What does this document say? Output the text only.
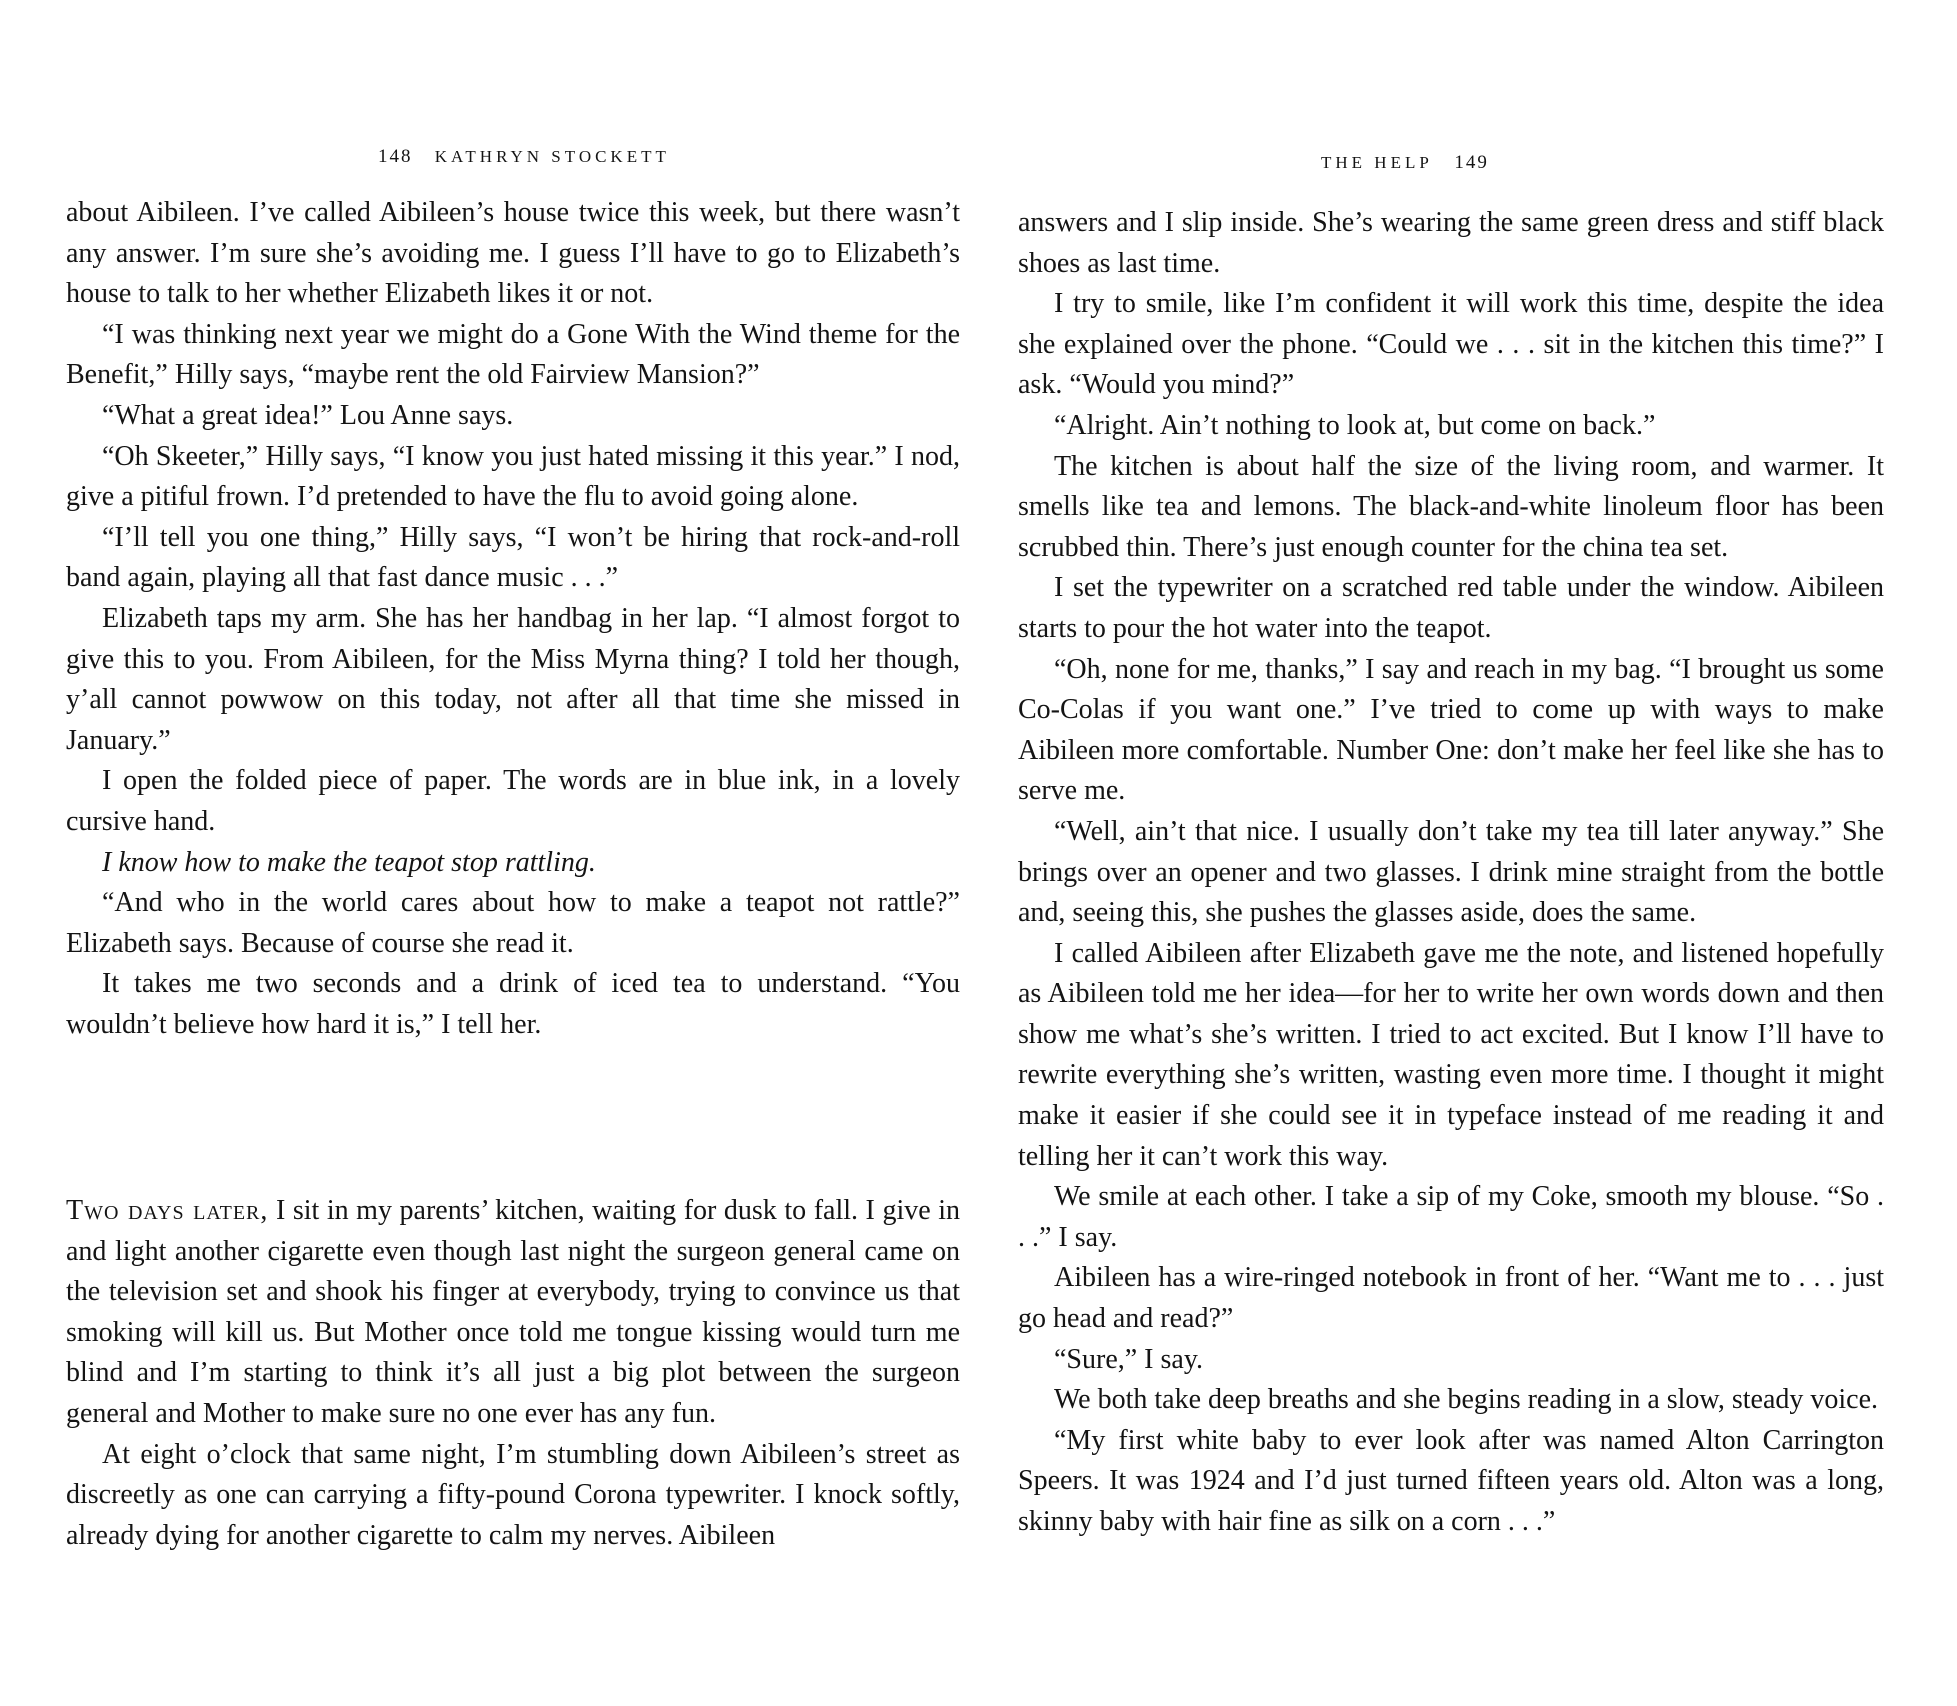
148 KATHRYN STOCKETT

about Aibileen. I’ve called Aibileen’s house twice this week, but there wasn’t any answer. I’m sure she’s avoiding me. I guess I’ll have to go to Elizabeth’s house to talk to her whether Elizabeth likes it or not.

“I was thinking next year we might do a Gone With the Wind theme for the Benefit,” Hilly says, “maybe rent the old Fairview Mansion?”

“What a great idea!” Lou Anne says.

“Oh Skeeter,” Hilly says, “I know you just hated missing it this year.” I nod, give a pitiful frown. I’d pretended to have the flu to avoid going alone.

“I’ll tell you one thing,” Hilly says, “I won’t be hiring that rock-and-roll band again, playing all that fast dance music . . .”

Elizabeth taps my arm. She has her handbag in her lap. “I almost forgot to give this to you. From Aibileen, for the Miss Myrna thing? I told her though, y’all cannot powwow on this today, not after all that time she missed in January.”

I open the folded piece of paper. The words are in blue ink, in a lovely cursive hand.

I know how to make the teapot stop rattling.

“And who in the world cares about how to make a teapot not rattle?” Elizabeth says. Because of course she read it.

It takes me two seconds and a drink of iced tea to understand. “You wouldn’t believe how hard it is,” I tell her.

Two days later, I sit in my parents’ kitchen, waiting for dusk to fall. I give in and light another cigarette even though last night the surgeon general came on the television set and shook his finger at everybody, trying to convince us that smoking will kill us. But Mother once told me tongue kissing would turn me blind and I’m starting to think it’s all just a big plot between the surgeon general and Mother to make sure no one ever has any fun.

At eight o’clock that same night, I’m stumbling down Aibileen’s street as discreetly as one can carrying a fifty-pound Corona typewriter. I knock softly, already dying for another cigarette to calm my nerves. Aibileen

THE HELP 149

answers and I slip inside. She’s wearing the same green dress and stiff black shoes as last time.

I try to smile, like I’m confident it will work this time, despite the idea she explained over the phone. “Could we . . . sit in the kitchen this time?” I ask. “Would you mind?”

“Alright. Ain’t nothing to look at, but come on back.”

The kitchen is about half the size of the living room, and warmer. It smells like tea and lemons. The black-and-white linoleum floor has been scrubbed thin. There’s just enough counter for the china tea set.

I set the typewriter on a scratched red table under the window. Aibileen starts to pour the hot water into the teapot.

“Oh, none for me, thanks,” I say and reach in my bag. “I brought us some Co-Colas if you want one.” I’ve tried to come up with ways to make Aibileen more comfortable. Number One: don’t make her feel like she has to serve me.

“Well, ain’t that nice. I usually don’t take my tea till later anyway.” She brings over an opener and two glasses. I drink mine straight from the bottle and, seeing this, she pushes the glasses aside, does the same.

I called Aibileen after Elizabeth gave me the note, and listened hopefully as Aibileen told me her idea—for her to write her own words down and then show me what’s she’s written. I tried to act excited. But I know I’ll have to rewrite everything she’s written, wasting even more time. I thought it might make it easier if she could see it in typeface instead of me reading it and telling her it can’t work this way.

We smile at each other. I take a sip of my Coke, smooth my blouse. “So . . .” I say.

Aibileen has a wire-ringed notebook in front of her. “Want me to . . . just go head and read?”

“Sure,” I say.

We both take deep breaths and she begins reading in a slow, steady voice.

“My first white baby to ever look after was named Alton Carrington Speers. It was 1924 and I’d just turned fifteen years old. Alton was a long, skinny baby with hair fine as silk on a corn . . .”
